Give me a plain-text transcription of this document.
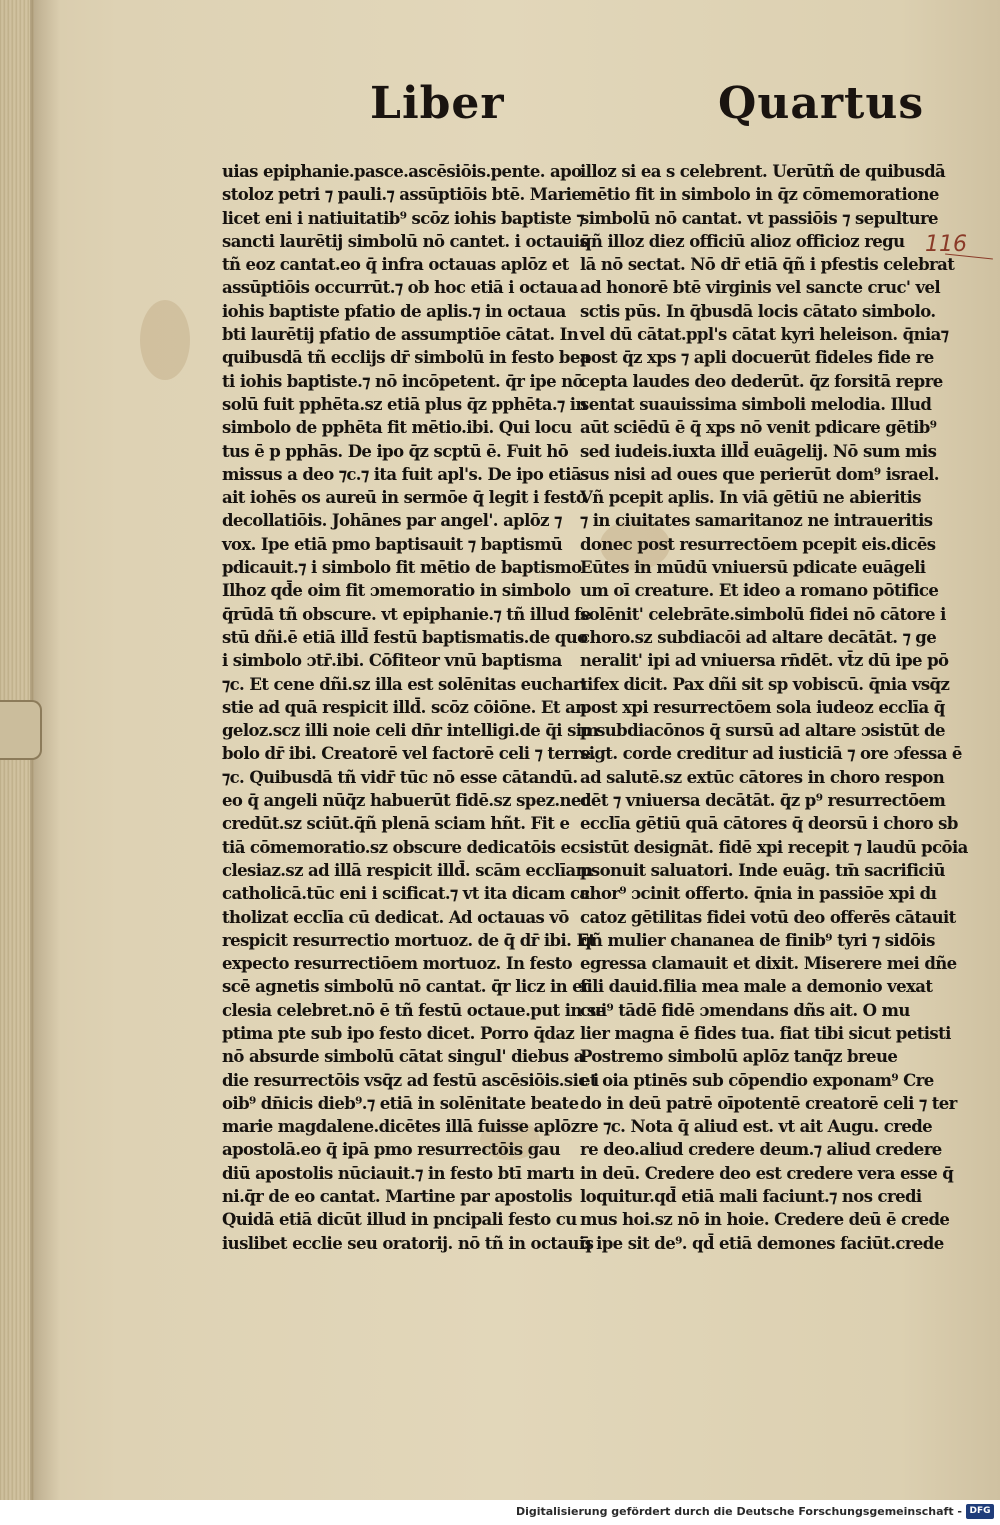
Liber	Quartus
116

uias epiphanie.pasce.ascēsiōis.pente. apo

stoloz petri ⁊ pauli.⁊ assūptiōis btē. Marie

licet eni i natiuitatib⁹ scōz iohis baptiste ⁊

sancti laurētij simbolū nō cantet. i octauis

tñ eoz cantat.eo q̄ infra octauas aplōz et

assūptiōis occurrūt.⁊ ob hoc etiā i octaua

iohis baptiste pfatio de aplis.⁊ in octaua

bti laurētij pfatio de assumptiōe cātat. In

quibusdā tñ ecclijs dr̄ simbolū in festo bea

ti iohis baptiste.⁊ nō incōpetent. q̄r ipe nō

solū fuit pphēta.sz etiā plus q̄z pphēta.⁊ in

simbolo de pphēta fit mētio.ibi. Qui locu

tus ē p pphās. De ipo q̄z scptū ē. Fuit hō

missus a deo ⁊c.⁊ ita fuit apl's. De ipo etiā

ait iohēs os aureū in sermōe q̄ legit i festo

decollatiōis. Johānes par angel'. aplōz ⁊

vox. Ipe etiā pmo baptisauit ⁊ baptismū

pdicauit.⁊ i simbolo fit mētio de baptismo

Ilhoz qd̄e oim fit ɔmemoratio in simbolo

q̄rūdā tñ obscure. vt epiphanie.⁊ tñ illud fe

stū dñi.ē etiā illd̄ festū baptismatis.de quo

i simbolo ɔtr̄.ibi. Cōfiteor vnū baptisma

⁊c. Et cene dñi.sz illa est solēnitas eucharı

stie ad quā respicit illd̄. scōz cōiōne. Et an

geloz.scz illi noie celi dn̄r intelligi.de q̄i sim

bolo dr̄ ibi. Creatorē vel factorē celi ⁊ terre.

⁊c. Quibusdā tñ vidr̄ tūc nō esse cātandū.

eo q̄ angeli nūq̄z habuerūt fidē.sz spez.nec

credūt.sz sciūt.q̄ñ plenā sciam hñt. Fit e

tiā cōmemoratio.sz obscure dedicatōis ec

clesiaz.sz ad illā respicit illd̄. scām ecclīam

catholicā.tūc eni i scificat.⁊ vt ita dicam ca

tholizat ecclīa cū dedicat. Ad octauas vō

respicit resurrectio mortuoz. de q̄ dr̄ ibi. Et

expecto resurrectiōem mortuoz. In festo

scē agnetis simbolū nō cantat. q̄r licz in ec

clesia celebret.nō ē tñ festū octaue.put in se

ptima pte sub ipo festo dicet. Porro q̄daz

nō absurde simbolū cātat singul' diebus a

die resurrectōis vsq̄z ad festū ascēsiōis.sic i

oib⁹ dn̄icis dieb⁹.⁊ etiā in solēnitate beate

marie magdalene.dicētes illā fuisse aplōz

apostolā.eo q̄ ipā pmo resurrectōis gau

diū apostolis nūciauit.⁊ in festo btī martı

ni.q̄r de eo cantat. Martine par apostolis

Quidā etiā dicūt illud in pncipali festo cu

iuslibet ecclie seu oratorij. nō tñ in octauis

illoz si ea s celebrent. Uerūtñ de quibusdā

mētio fit in simbolo in q̄z cōmemoratione

simbolū nō cantat. vt passiōis ⁊ sepulture

q̄ñ illoz diez officiū alioz officioz regu

lā nō sectat. Nō dr̄ etiā q̄ñ i pfestis celebrat

ad honorē btē virginis vel sancte cruc' vel

sctis pūs. In q̄busdā locis cātato simbolo.

vel dū cātat.ppl's cātat kyri heleison. q̄nia⁊

post q̄z xps ⁊ apli docuerūt fideles fide re

cepta laudes deo dederūt. q̄z forsitā repre

sentat suauissima simboli melodia. Illud

aūt sciēdū ē q̄ xps nō venit pdicare gētib⁹

sed iudeis.iuxta illd̄ euāgelij. Nō sum mis

sus nisi ad oues que perierūt dom⁹ israel.

Vñ pcepit aplis. In viā gētiū ne abieritis

⁊ in ciuitates samaritanoz ne intraueritis

donec post resurrectōem pcepit eis.dicēs

Eūtes in mūdū vniuersū pdicate euāgeli

um oī creature. Et ideo a romano pōtifice

solēnit' celebrāte.simbolū fidei nō cātore i

choro.sz subdiacōi ad altare decātāt. ⁊ ge

neralit' ipi ad vniuersa rn̄dēt. vt̄z dū ipe pō

tifex dicit. Pax dñi sit sp vobiscū. q̄nia vsq̄z

post xpi resurrectōem sola iudeoz ecclīa q̄

p subdiacōnos q̄ sursū ad altare ɔsistūt de

sigt. corde creditur ad iusticiā ⁊ ore ɔfessa ē

ad salutē.sz extūc cātores in choro respon

dēt ⁊ vniuersa decātāt. q̄z p⁹ resurrectōem

ecclīa gētiū quā cātores q̄ deorsū i choro sb

sistūt designāt. fidē xpi recepit ⁊ laudū pcōia

psonuit saluatori. Inde euāg. tm̄ sacrificiū

chor⁹ ɔcinit offerto. q̄nia in passiōe xpi dı

catoz gētilitas fidei votū deo offerēs cātauit

q̄ñ mulier chananea de finib⁹ tyri ⁊ sidōis

egressa clamauit et dixit. Miserere mei dñe

fili dauid.filia mea male a demonio vexat

cui⁹ tādē fidē ɔmendans dñs ait. O mu

lier magna ē fides tua. fiat tibi sicut petisti

Postremo simbolū aplōz tanq̄z breue

et oia ptinēs sub cōpendio exponam⁹ Cre

do in deū patrē oīpotentē creatorē celi ⁊ ter

re ⁊c. Nota q̄ aliud est. vt ait Augu. crede

re deo.aliud credere deum.⁊ aliud credere

in deū. Credere deo est credere vera esse q̄

loquitur.qd̄ etiā mali faciunt.⁊ nos credi

mus hoi.sz nō in hoie. Credere deū ē crede

q̄ ipe sit de⁹. qd̄ etiā demones faciūt.crede

Digitalisierung gefördert durch die Deutsche Forschungsgemeinschaft - DFG
